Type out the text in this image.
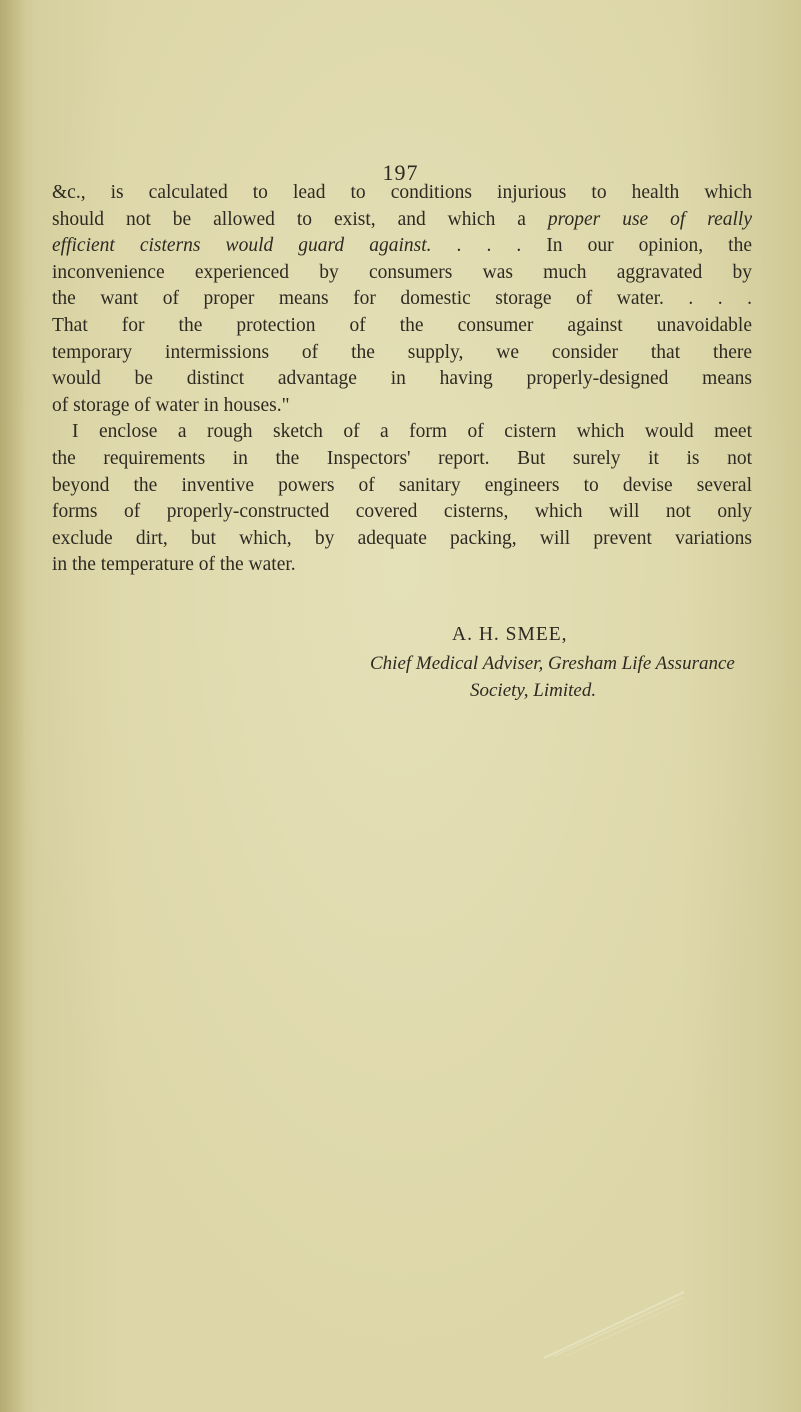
197
&c., is calculated to lead to conditions injurious to health which
should not be allowed to exist, and which a proper use of really
efficient cisterns would guard against. . . . In our opinion, the
inconvenience experienced by consumers was much aggravated by
the want of proper means for domestic storage of water. . . .
That for the protection of the consumer against unavoidable
temporary intermissions of the supply, we consider that there
would be distinct advantage in having properly-designed means
of storage of water in houses."
I enclose a rough sketch of a form of cistern which would meet
the requirements in the Inspectors' report. But surely it is not
beyond the inventive powers of sanitary engineers to devise several
forms of properly-constructed covered cisterns, which will not only
exclude dirt, but which, by adequate packing, will prevent variations
in the temperature of the water.
A. H. SMEE,
Chief Medical Adviser, Gresham Life Assurance
Society, Limited.
